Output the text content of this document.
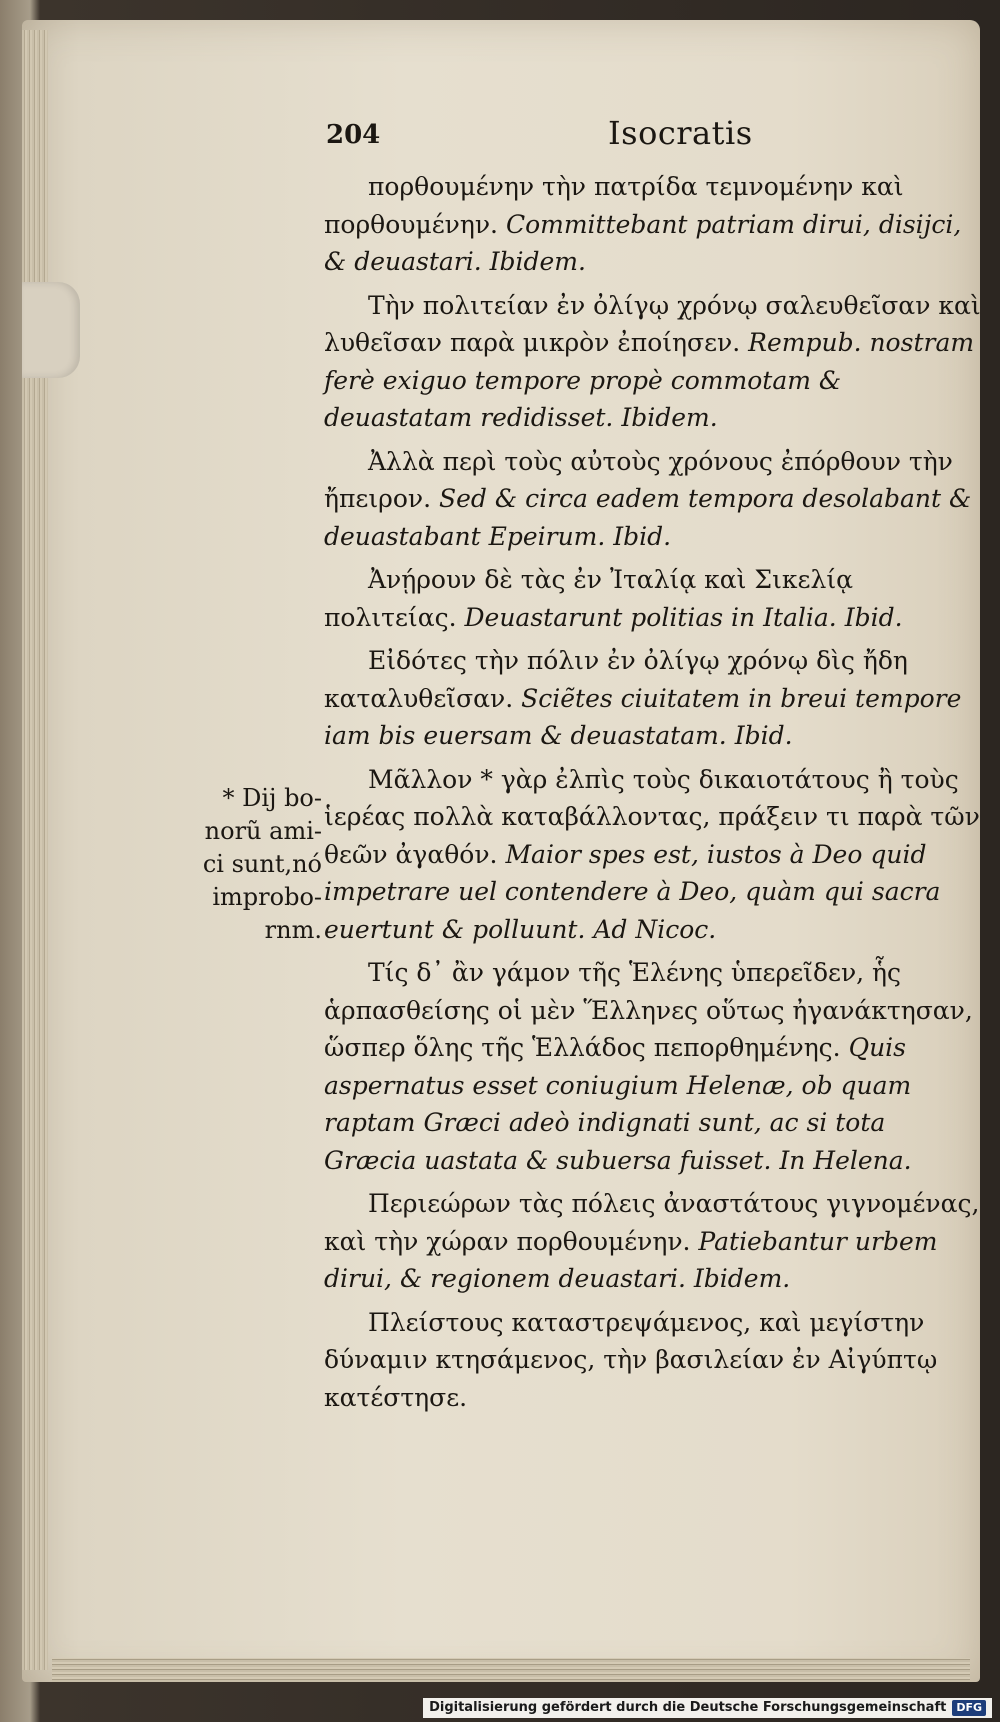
204	Isocratis

πορθουμένην τὴν πατρίδα τεμνομένην καὶ πορθουμένην. Committebant patriam dirui, disijci, & deuastari. Ibidem.

Τὴν πολιτείαν ἐν ὀλίγῳ χρόνῳ σαλευθεῖσαν καὶ λυθεῖσαν παρὰ μικρὸν ἐποίησεν. Rempub. nostram ferè exiguo tempore propè commotam & deuastatam redidisset. Ibidem.

Ἀλλὰ περὶ τοὺς αὐτοὺς χρόνους ἐπόρθουν τὴν ἤπειρον. Sed & circa eadem tempora desolabant & deuastabant Epeirum. Ibid.

Ἀνῄρουν δὲ τὰς ἐν Ἰταλίᾳ καὶ Σικελίᾳ πολιτείας. Deuastarunt politias in Italia. Ibid.

Εἰδότες τὴν πόλιν ἐν ὀλίγῳ χρόνῳ δὶς ἤδη καταλυθεῖσαν. Sciẽtes ciuitatem in breui tempore iam bis euersam & deuastatam. Ibid.

Μᾶλλον * γὰρ ἐλπὶς τοὺς δικαιοτάτους ἢ τοὺς ἱερέας πολλὰ καταβάλλοντας, πράξειν τι παρὰ τῶν θεῶν ἀγαθόν. Maior spes est, iustos à Deo quid impetrare uel contendere à Deo, quàm qui sacra euertunt & polluunt. Ad Nicoc.

Τίς δ᾽ ἂν γάμον τῆς Ἑλένης ὑπερεῖδεν, ἧς ἁρπασθείσης οἱ μὲν Ἕλληνες οὕτως ἠγανάκτησαν, ὥσπερ ὅλης τῆς Ἑλλάδος πεπορθημένης. Quis aspernatus esset coniugium Helenæ, ob quam raptam Græci adeò indignati sunt, ac si tota Græcia uastata & subuersa fuisset. In Helena.

Περιεώρων τὰς πόλεις ἀναστάτους γιγνομένας, καὶ τὴν χώραν πορθουμένην. Patiebantur urbem dirui, & regionem deuastari. Ibidem.

Πλείστους καταστρεψάμενος, καὶ μεγίστην δύναμιν κτησάμενος, τὴν βασιλείαν ἐν Αἰγύπτῳ κατέστησε.

* Dij bo-
norũ ami-
ci sunt,nó
improbo-
rnm.
Digitalisierung gefördert durch die Deutsche Forschungsgemeinschaft DFG
